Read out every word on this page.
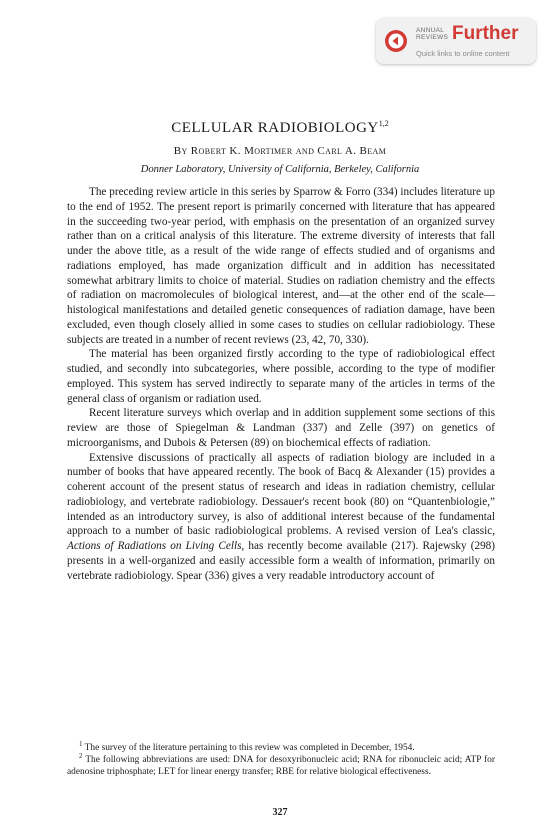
ANNUAL
REVIEWS Further
Quick links to online content
CELLULAR RADIOBIOLOGY$^{1,2}$
By Robert K. Mortimer and Carl A. Beam
Donner Laboratory, University of California, Berkeley, California

The preceding review article in this series by Sparrow & Forro (334) includes literature up to the end of 1952. The present report is primarily concerned with literature that has appeared in the succeeding two-year period, with emphasis on the presentation of an organized survey rather than on a critical analysis of this literature. The extreme diversity of interests that fall under the above title, as a result of the wide range of effects studied and of organisms and radiations employed, has made organization difficult and in addition has necessitated somewhat arbitrary limits to choice of material. Studies on radiation chemistry and the effects of radiation on macromolecules of biological interest, and—at the other end of the scale—histological manifestations and detailed genetic consequences of radiation damage, have been excluded, even though closely allied in some cases to studies on cellular radiobiology. These subjects are treated in a number of recent reviews (23, 42, 70, 330).

The material has been organized firstly according to the type of radiobiological effect studied, and secondly into subcategories, where possible, according to the type of modifier employed. This system has served indirectly to separate many of the articles in terms of the general class of organism or radiation used.

Recent literature surveys which overlap and in addition supplement some sections of this review are those of Spiegelman & Landman (337) and Zelle (397) on genetics of microorganisms, and Dubois & Petersen (89) on biochemical effects of radiation.

Extensive discussions of practically all aspects of radiation biology are included in a number of books that have appeared recently. The book of Bacq & Alexander (15) provides a coherent account of the present status of research and ideas in radiation chemistry, cellular radiobiology, and vertebrate radiobiology. Dessauer's recent book (80) on “Quantenbiologie,” intended as an introductory survey, is also of additional interest because of the fundamental approach to a number of basic radiobiological problems. A revised version of Lea's classic, Actions of Radiations on Living Cells, has recently become available (217). Rajewsky (298) presents in a well-organized and easily accessible form a wealth of information, primarily on vertebrate radiobiology. Spear (336) gives a very readable introductory account of

$^1$ The survey of the literature pertaining to this review was completed in December, 1954.

$^2$ The following abbreviations are used: DNA for desoxyribonucleic acid; RNA for ribonucleic acid; ATP for adenosine triphosphate; LET for linear energy transfer; RBE for relative biological effectiveness.

327
